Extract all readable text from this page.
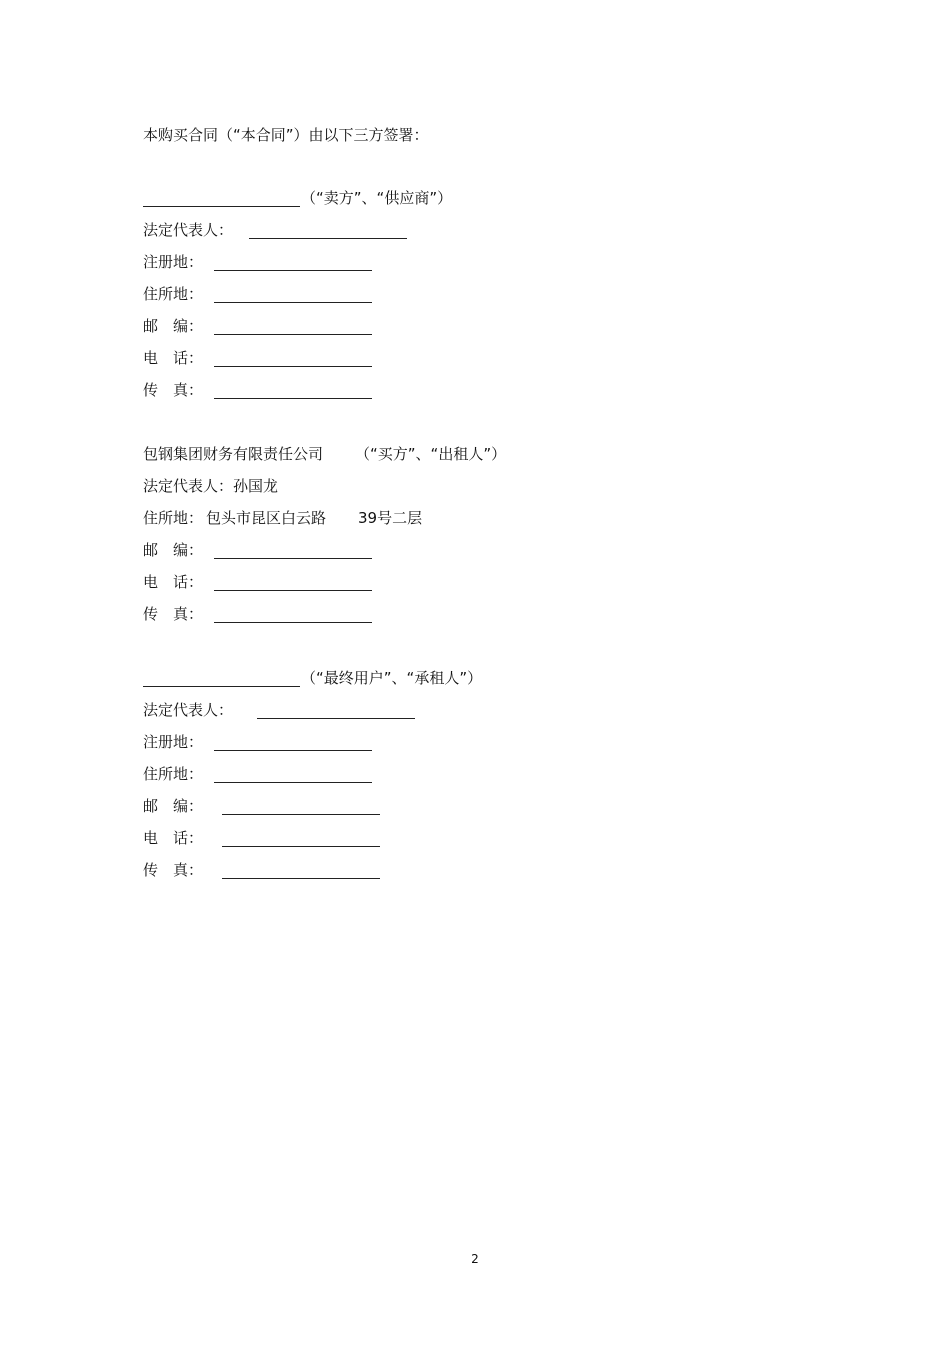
本购买合同（“本合同”）由以下三方签署：
（“卖方”、“供应商”）
法定代表人：
注册地：
住所地：
邮　编：
电　话：
传　真：
包钢集团财务有限责任公司 （“买方”、“出租人”）
法定代表人：孙国龙
住所地： 包头市昆区白云路 39号二层
邮　编：
电　话：
传　真：
（“最终用户”、“承租人”）
法定代表人：
注册地：
住所地：
邮　编：
电　话：
传　真：
2
